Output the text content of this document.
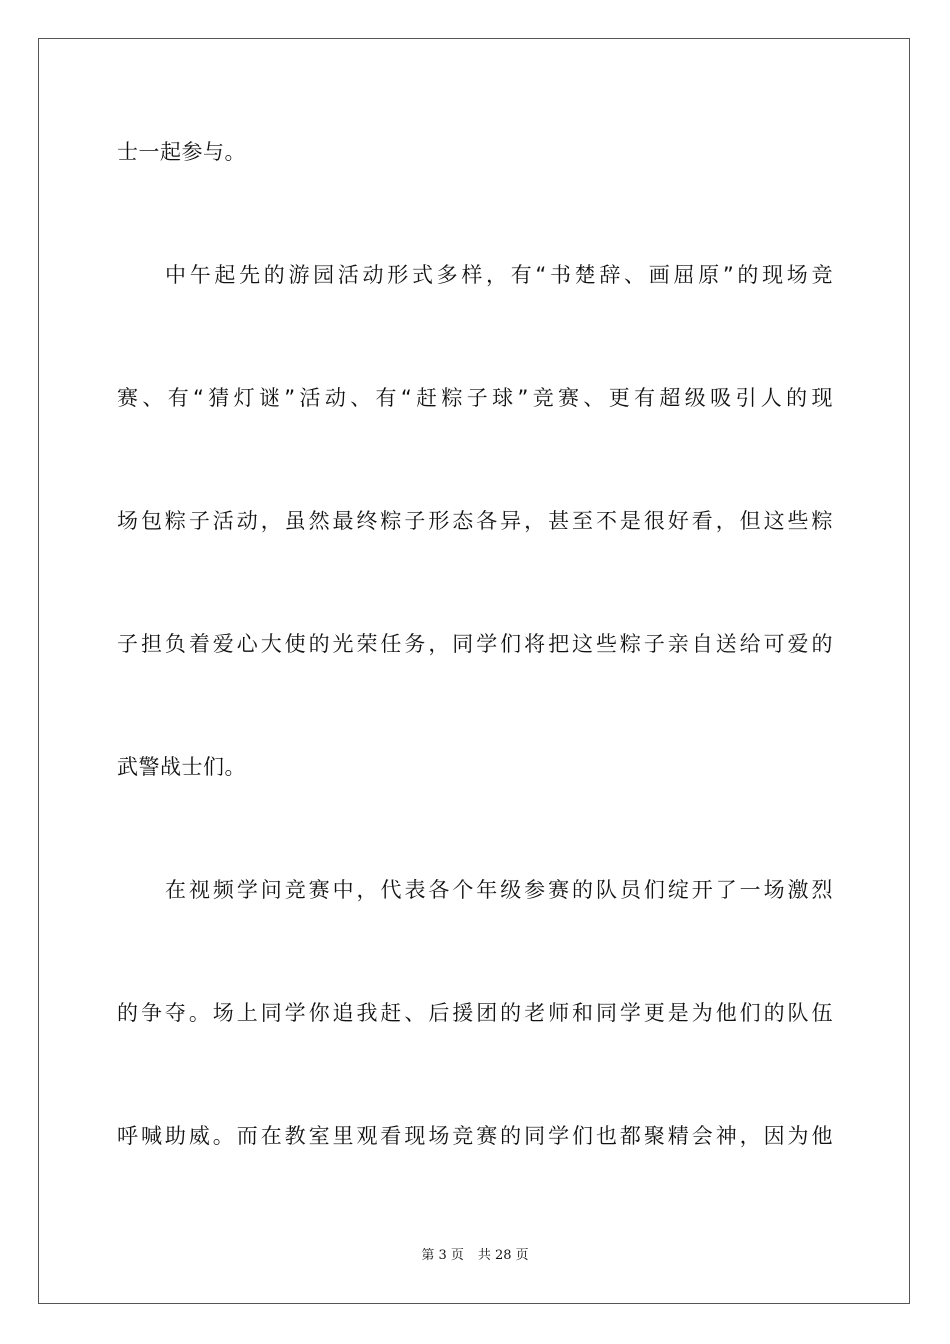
士一起参与。
中午起先的游园活动形式多样，有“书楚辞、画屈原”的现场竞
赛、有“猜灯谜”活动、有“赶粽子球”竞赛、更有超级吸引人的现
场包粽子活动，虽然最终粽子形态各异，甚至不是很好看，但这些粽
子担负着爱心大使的光荣任务，同学们将把这些粽子亲自送给可爱的
武警战士们。
在视频学问竞赛中，代表各个年级参赛的队员们绽开了一场激烈
的争夺。场上同学你追我赶、后援团的老师和同学更是为他们的队伍
呼喊助威。而在教室里观看现场竞赛的同学们也都聚精会神，因为他
第 3 页 共 28 页
